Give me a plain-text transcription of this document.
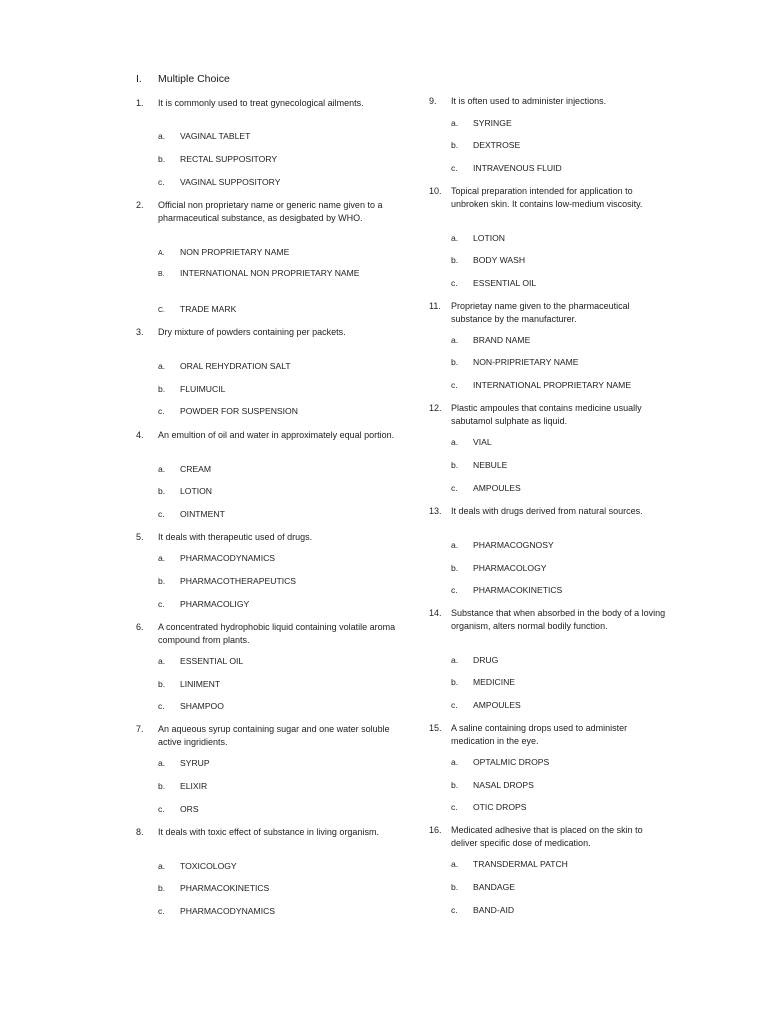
I. Multiple Choice
1. It is commonly used to treat gynecological ailments.
a. VAGINAL TABLET
b. RECTAL SUPPOSITORY
c. VAGINAL SUPPOSITORY
2. Official non proprietary name or generic name given to a pharmaceutical substance, as desigbated by WHO.
A. NON PROPRIETARY NAME
B. INTERNATIONAL NON PROPRIETARY NAME
C. TRADE MARK
3. Dry mixture of powders containing per packets.
a. ORAL REHYDRATION SALT
b. FLUIMUCIL
c. POWDER FOR SUSPENSION
4. An emultion of oil and water in approximately equal portion.
a. CREAM
b. LOTION
c. OINTMENT
5. It deals with therapeutic used of drugs.
a. PHARMACODYNAMICS
b. PHARMACOTHERAPEUTICS
c. PHARMACOLIGY
6. A concentrated hydrophobic liquid containing volatile aroma compound from plants.
a. ESSENTIAL OIL
b. LINIMENT
c. SHAMPOO
7. An aqueous syrup containing sugar and one water soluble active ingridients.
a. SYRUP
b. ELIXIR
c. ORS
8. It deals with toxic effect of substance in living organism.
a. TOXICOLOGY
b. PHARMACOKINETICS
c. PHARMACODYNAMICS
9. It is often used to administer injections.
a. SYRINGE
b. DEXTROSE
c. INTRAVENOUS FLUID
10. Topical preparation intended for application to unbroken skin. It contains low-medium viscosity.
a. LOTION
b. BODY WASH
c. ESSENTIAL OIL
11. Proprietay name given to the pharmaceutical substance by the manufacturer.
a. BRAND NAME
b. NON-PRIPRIETARY NAME
c. INTERNATIONAL PROPRIETARY NAME
12. Plastic ampoules that contains medicine usually sabutamol sulphate as liquid.
a. VIAL
b. NEBULE
c. AMPOULES
13. It deals with drugs derived from natural sources.
a. PHARMACOGNOSY
b. PHARMACOLOGY
c. PHARMACOKINETICS
14. Substance that when absorbed in the body of a loving organism, alters normal bodily function.
a. DRUG
b. MEDICINE
c. AMPOULES
15. A saline containing drops used to administer medication in the eye.
a. OPTALMIC DROPS
b. NASAL DROPS
c. OTIC DROPS
16. Medicated adhesive that is placed on the skin to deliver specific dose of medication.
a. TRANSDERMAL PATCH
b. BANDAGE
c. BAND-AID
